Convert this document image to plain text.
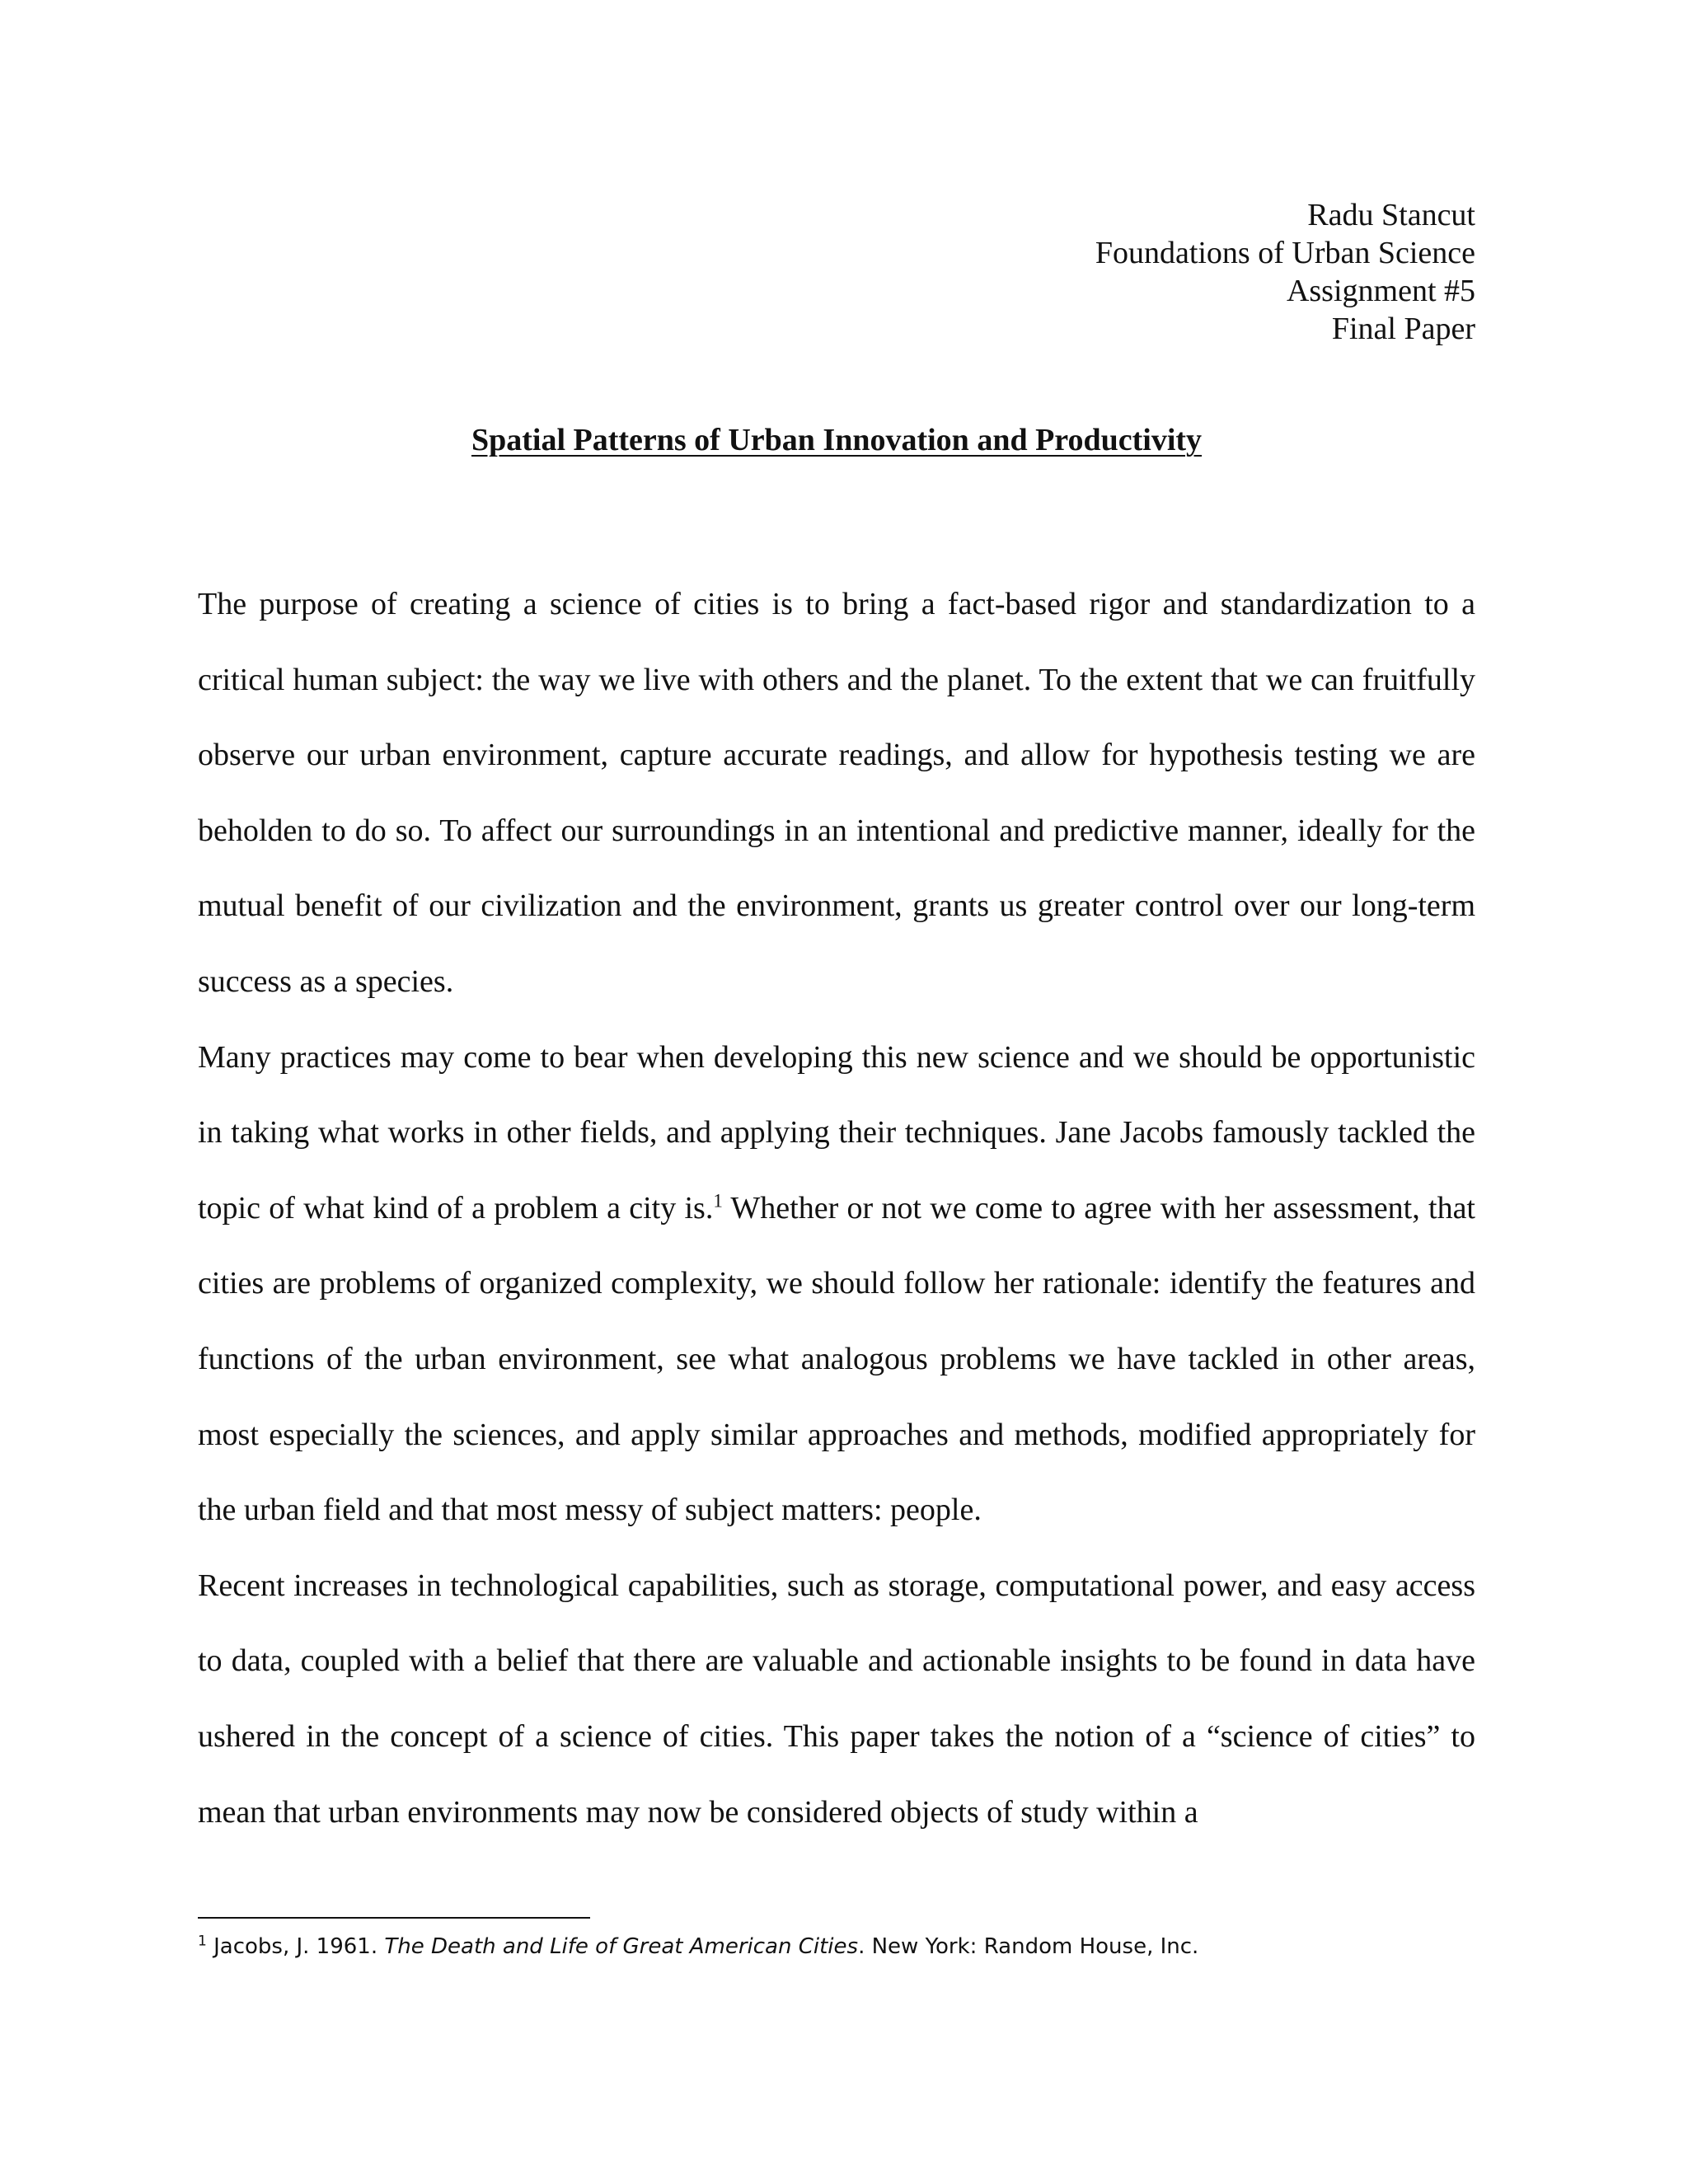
Radu Stancut
Foundations of Urban Science
Assignment #5
Final Paper
Spatial Patterns of Urban Innovation and Productivity

The purpose of creating a science of cities is to bring a fact-based rigor and standardization to a critical human subject: the way we live with others and the planet. To the extent that we can fruitfully observe our urban environment, capture accurate readings, and allow for hypothesis testing we are beholden to do so. To affect our surroundings in an intentional and predictive manner, ideally for the mutual benefit of our civilization and the environment, grants us greater control over our long-term success as a species.

Many practices may come to bear when developing this new science and we should be opportunistic in taking what works in other fields, and applying their techniques. Jane Jacobs famously tackled the topic of what kind of a problem a city is.$^1$ Whether or not we come to agree with her assessment, that cities are problems of organized complexity, we should follow her rationale: identify the features and functions of the urban environment, see what analogous problems we have tackled in other areas, most especially the sciences, and apply similar approaches and methods, modified appropriately for the urban field and that most messy of subject matters: people.

Recent increases in technological capabilities, such as storage, computational power, and easy access to data, coupled with a belief that there are valuable and actionable insights to be found in data have ushered in the concept of a science of cities. This paper takes the notion of a “science of cities” to mean that urban environments may now be considered objects of study within a

$^1$ Jacobs, J. 1961. The Death and Life of Great American Cities. New York: Random House, Inc.
